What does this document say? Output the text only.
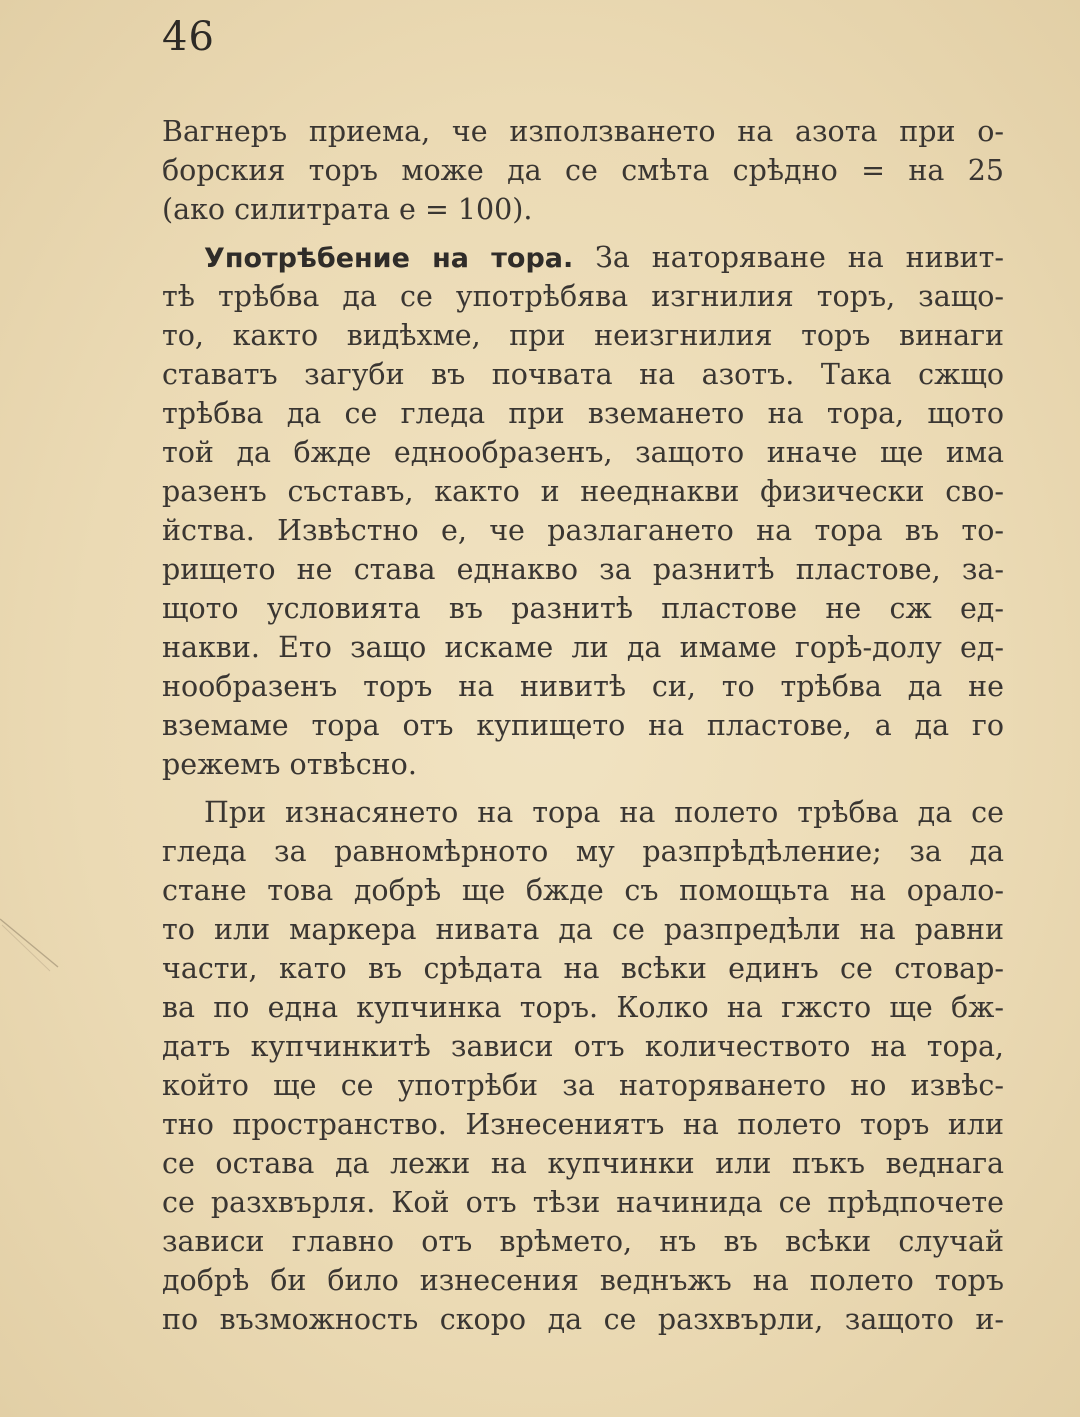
46
Вагнеръ приема, че използването на азота при о-
борския торъ може да се смѣта срѣдно = на 25
(ако силитрата е = 100).
Употрѣбение на тора. За наторяване на нивит-
тѣ трѣбва да се употрѣбява изгнилия торъ, защо-
то, както видѣхме, при неизгнилия торъ винаги
ставатъ загуби въ почвата на азотъ. Така сжщо
трѣбва да се гледа при вземането на тора, щото
той да бжде еднообразенъ, защото иначе ще има
разенъ съставъ, както и нееднакви физически сво-
йства. Извѣстно е, че разлагането на тора въ то-
рището не става еднакво за разнитѣ пластове, за-
щото условията въ разнитѣ пластове не сж ед-
накви. Ето защо искаме ли да имаме горѣ-долу ед-
нообразенъ торъ на нивитѣ си, то трѣбва да не
вземаме тора отъ купището на пластове, а да го
режемъ отвѣсно.
При изнасянето на тора на полето трѣбва да се
гледа за равномѣрното му разпрѣдѣление; за да
стане това добрѣ ще бжде съ помощьта на орало-
то или маркера нивата да се разпредѣли на равни
части, като въ срѣдата на всѣки единъ се стовар-
ва по една купчинка торъ. Колко на гжсто ще бж-
датъ купчинкитѣ зависи отъ количеството на тора,
който ще се употрѣби за наторяването но извѣс-
тно пространство. Изнесениятъ на полето торъ или
се остава да лежи на купчинки или пъкъ веднага
се разхвърля. Кой отъ тѣзи начинида се прѣдпочете
зависи главно отъ врѣмето, нъ въ всѣки случай
добрѣ би било изнесения веднъжъ на полето торъ
по възможность скоро да се разхвърли, защото и-
